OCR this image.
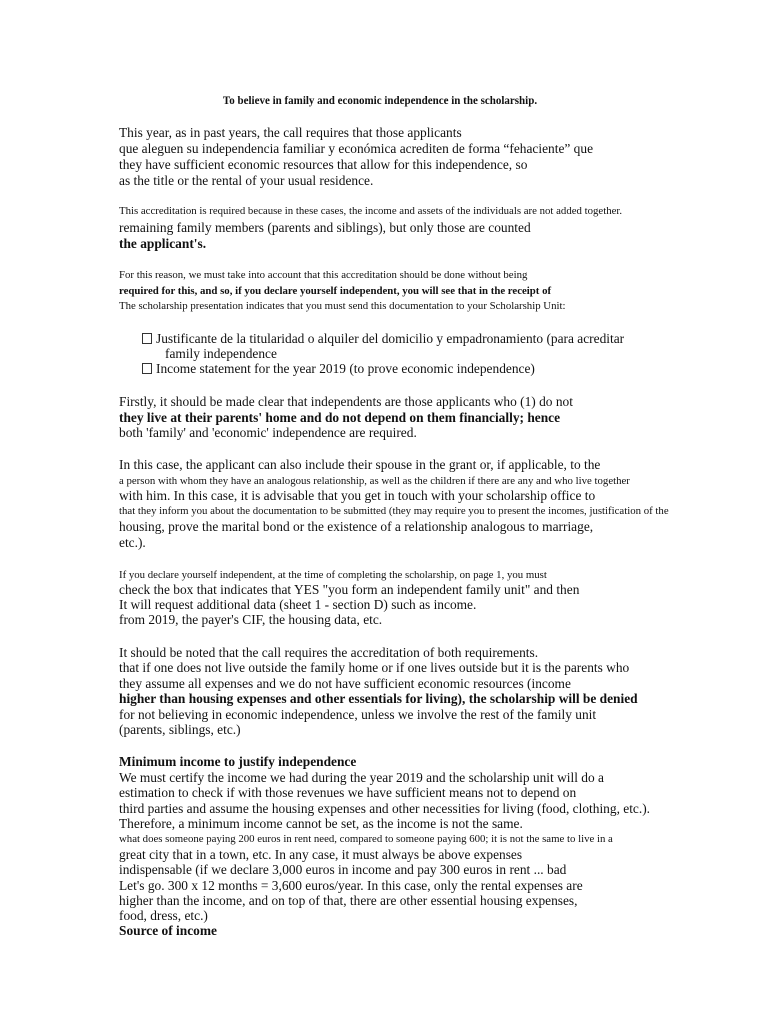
To believe in family and economic independence in the scholarship.
This year, as in past years, the call requires that those applicants
que aleguen su independencia familiar y económica acrediten de forma “fehaciente” que
they have sufficient economic resources that allow for this independence, so
as the title or the rental of your usual residence.
This accreditation is required because in these cases, the income and assets of the individuals are not added together.
remaining family members (parents and siblings), but only those are counted
the applicant's.
For this reason, we must take into account that this accreditation should be done without being
required for this, and so, if you declare yourself independent, you will see that in the receipt of
The scholarship presentation indicates that you must send this documentation to your Scholarship Unit:
Justificante de la titularidad o alquiler del domicilio y empadronamiento (para acreditar
family independence
Income statement for the year 2019 (to prove economic independence)
Firstly, it should be made clear that independents are those applicants who (1) do not
they live at their parents' home and do not depend on them financially; hence
both 'family' and 'economic' independence are required.
In this case, the applicant can also include their spouse in the grant or, if applicable, to the
a person with whom they have an analogous relationship, as well as the children if there are any and who live together
with him. In this case, it is advisable that you get in touch with your scholarship office to
that they inform you about the documentation to be submitted (they may require you to present the incomes, justification of the
housing, prove the marital bond or the existence of a relationship analogous to marriage,
etc.).
If you declare yourself independent, at the time of completing the scholarship, on page 1, you must
check the box that indicates that YES "you form an independent family unit" and then
It will request additional data (sheet 1 - section D) such as income.
from 2019, the payer's CIF, the housing data, etc.
It should be noted that the call requires the accreditation of both requirements.
that if one does not live outside the family home or if one lives outside but it is the parents who
they assume all expenses and we do not have sufficient economic resources (income
higher than housing expenses and other essentials for living), the scholarship will be denied
for not believing in economic independence, unless we involve the rest of the family unit
(parents, siblings, etc.)
Minimum income to justify independence
We must certify the income we had during the year 2019 and the scholarship unit will do a
estimation to check if with those revenues we have sufficient means not to depend on
third parties and assume the housing expenses and other necessities for living (food, clothing, etc.).
Therefore, a minimum income cannot be set, as the income is not the same.
what does someone paying 200 euros in rent need, compared to someone paying 600; it is not the same to live in a
great city that in a town, etc. In any case, it must always be above expenses
indispensable (if we declare 3,000 euros in income and pay 300 euros in rent ... bad
Let's go. 300 x 12 months = 3,600 euros/year. In this case, only the rental expenses are
higher than the income, and on top of that, there are other essential housing expenses,
food, dress, etc.)
Source of income
